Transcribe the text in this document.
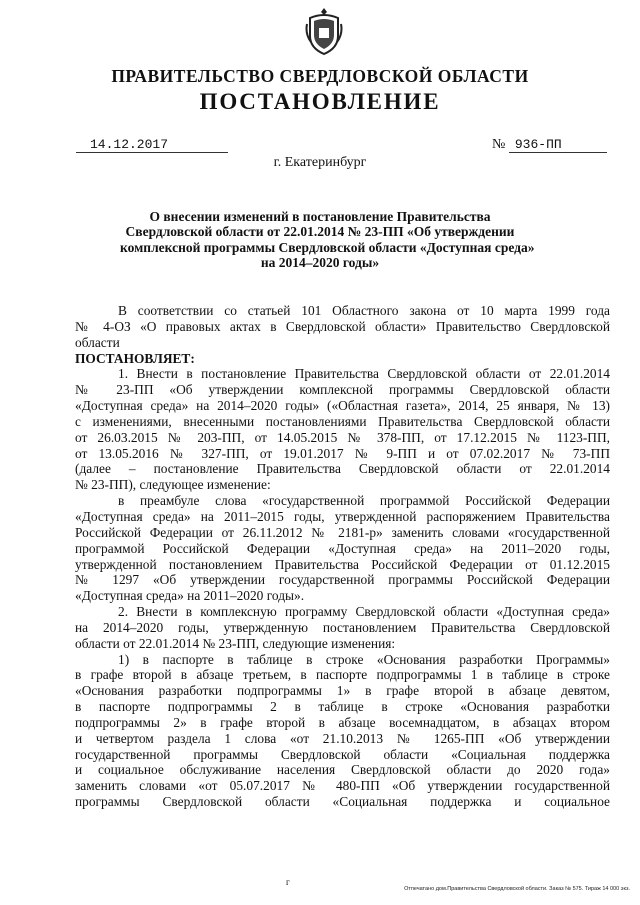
ПРАВИТЕЛЬСТВО СВЕРДЛОВСКОЙ ОБЛАСТИ
ПОСТАНОВЛЕНИЕ
14.12.2017	№ 936-ПП
г. Екатеринбург
О внесении изменений в постановление Правительства
Свердловской области от 22.01.2014 № 23-ПП «Об утверждении
комплексной программы Свердловской области «Доступная среда»
на 2014–2020 годы»
В соответствии со статьей 101 Областного закона от 10 марта 1999 года
№ 4-ОЗ «О правовых актах в Свердловской области» Правительство Свердловской
области
ПОСТАНОВЛЯЕТ:
1. Внести в постановление Правительства Свердловской области от 22.01.2014
№ 23-ПП «Об утверждении комплексной программы Свердловской области
«Доступная среда» на 2014–2020 годы» («Областная газета», 2014, 25 января, № 13)
с изменениями, внесенными постановлениями Правительства Свердловской области
от 26.03.2015 № 203-ПП, от 14.05.2015 № 378-ПП, от 17.12.2015 № 1123-ПП,
от 13.05.2016 № 327-ПП, от 19.01.2017 № 9-ПП и от 07.02.2017 № 73-ПП
(далее – постановление Правительства Свердловской области от 22.01.2014
№ 23-ПП), следующее изменение:
в преамбуле слова «государственной программой Российской Федерации
«Доступная среда» на 2011–2015 годы, утвержденной распоряжением Правительства
Российской Федерации от 26.11.2012 № 2181-р» заменить словами «государственной
программой Российской Федерации «Доступная среда» на 2011–2020 годы,
утвержденной постановлением Правительства Российской Федерации от 01.12.2015
№ 1297 «Об утверждении государственной программы Российской Федерации
«Доступная среда» на 2011–2020 годы».
2. Внести в комплексную программу Свердловской области «Доступная среда»
на 2014–2020 годы, утвержденную постановлением Правительства Свердловской
области от 22.01.2014 № 23-ПП, следующие изменения:
1) в паспорте в таблице в строке «Основания разработки Программы»
в графе второй в абзаце третьем, в паспорте подпрограммы 1 в таблице в строке
«Основания разработки подпрограммы 1» в графе второй в абзаце девятом,
в паспорте подпрограммы 2 в таблице в строке «Основания разработки
подпрограммы 2» в графе второй в абзаце восемнадцатом, в абзацах втором
и четвертом раздела 1 слова «от 21.10.2013 № 1265-ПП «Об утверждении
государственной программы Свердловской области «Социальная поддержка
и социальное обслуживание населения Свердловской области до 2020 года»
заменить словами «от 05.07.2017 № 480-ПП «Об утверждении государственной
программы Свердловской области «Социальная поддержка и социальное
г
Отпечатано дом.Правительства Свердловской области. Заказ № 575. Тираж 14 000 экз.
